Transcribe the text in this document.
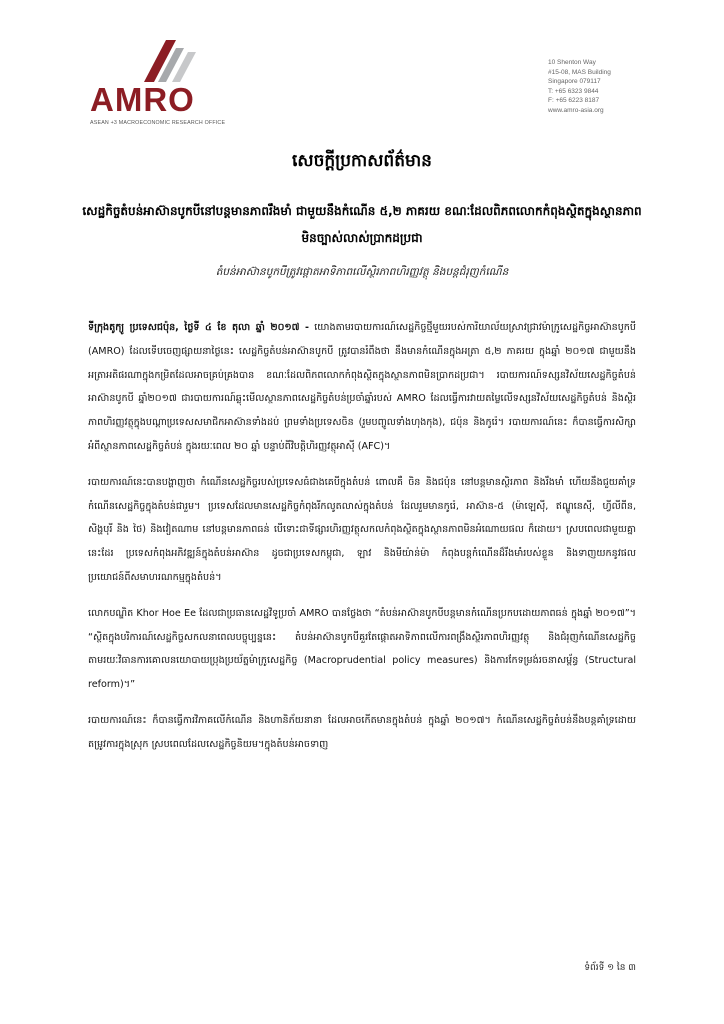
AMRO
ASEAN +3 MACROECONOMIC RESEARCH OFFICE
10 Shenton Way
#15-08, MAS Building
Singapore 079117
T: +65 6323 9844
F: +65 6223 8187
www.amro-asia.org
សេចក្តីប្រកាសព័ត៌មាន
សេដ្ឋកិច្ចតំបន់អាស៊ានបូកបីនៅបន្តមានភាពរឹងមាំ ជាមួយនឹងកំណើន ៥,២ ភាគរយ ខណៈដែលពិភពលោកកំពុងស្ថិតក្នុងស្ថានភាពមិនច្បាស់លាស់ប្រាកដប្រជា
តំបន់អាស៊ានបូកបីត្រូវផ្តោតអាទិភាពលើស្ថិរភាពហិរញ្ញវត្ថុ និងបន្តជំរុញកំណើន

ទីក្រុងតូក្យូ ប្រទេសជប៉ុន, ថ្ងៃទី ៤ ខែ តុលា ឆ្នាំ ២០១៧ - យោងតាមរបាយការណ៍សេដ្ឋកិច្ចថ្មីមួយរបស់ការិយាល័យស្រាវជ្រាវម៉ាក្រូសេដ្ឋកិច្ចអាស៊ានបូកបី (AMRO) ដែលទើបចេញផ្សាយនាថ្ងៃនេះ សេដ្ឋកិច្ចតំបន់អាស៊ានបូកបី ត្រូវបានរំពឹងថា នឹងមានកំណើនក្នុងអត្រា ៥,២ ភាគរយ ក្នុងឆ្នាំ ២០១៧ ជាមួយនឹងអត្រាអតិផរណាក្នុងកម្រិតដែលអាចគ្រប់គ្រងបាន ខណៈដែលពិភពលោកកំពុងស្ថិតក្នុងស្ថានភាពមិនប្រាកដប្រជា។ របាយការណ៍ទស្សនវិស័យសេដ្ឋកិច្ចតំបន់អាស៊ានបូកបី ឆ្នាំ២០១៧ ជារបាយការណ៍ឆ្លុះមើលស្ថានភាពសេដ្ឋកិច្ចតំបន់ប្រចាំឆ្នាំរបស់ AMRO ដែលធ្វើការវាយតម្លៃលើទស្សនវិស័យសេដ្ឋកិច្ចតំបន់ និងស្ថិរភាពហិរញ្ញវត្ថុក្នុងបណ្តាប្រទេសសមាជិកអាស៊ានទាំងដប់ ព្រមទាំងប្រទេសចិន (រួមបញ្ចូលទាំងហុងកុង), ជប៉ុន និងកូរ៉េ។ របាយការណ៍នេះ ក៏បានធ្វើការសិក្សាអំពីស្ថានភាពសេដ្ឋកិច្ចតំបន់ ក្នុងរយៈពេល ២០ ឆ្នាំ បន្ទាប់ពីវិបត្តិហិរញ្ញវត្ថុអាស៊ី (AFC)។

របាយការណ៍នេះបានបង្ហាញថា កំណើនសេដ្ឋកិច្ចរបស់ប្រទេសធំជាងគេបីក្នុងតំបន់ ពោលគឺ ចិន និងជប៉ុន នៅបន្តមានស្ថិរភាព និងរឹងមាំ ហើយនឹងជួយគាំទ្រកំណើនសេដ្ឋកិច្ចក្នុងតំបន់ជារួម។ ប្រទេសដែលមានសេដ្ឋកិច្ចកំពុងរីកលូតលាស់ក្នុងតំបន់ ដែលរួមមានកូរ៉េ, អាស៊ាន-៥ (ម៉ាឡេស៊ី, ឥណ្ឌូនេស៊ី, ហ្វីលីពីន, សិង្ហបុរី និង ថៃ) និងវៀតណាម នៅបន្តមានភាពធន់ បើទោះជាទីផ្សារហិរញ្ញវត្ថុសកលកំពុងស្ថិតក្នុងស្ថានភាពមិនអំណោយផល ក៏ដោយ។ ស្របពេលជាមួយគ្នានេះដែរ ប្រទេសកំពុងអភិវឌ្ឍន៍ក្នុងតំបន់អាស៊ាន ដូចជាប្រទេសកម្ពុជា, ឡាវ និងមីយ៉ាន់ម៉ា កំពុងបន្តកំណើនដ៏រឹងមាំរបស់ខ្លួន និងទាញយកនូវផលប្រយោជន៍ពីសមាហរណកម្មក្នុងតំបន់។

លោកបណ្ឌិត Khor Hoe Ee ដែលជាប្រធានសេដ្ឋវិទូប្រចាំ AMRO បានថ្លែងថា “តំបន់អាស៊ានបូកបីបន្តមានកំណើនប្រកបដោយភាពធន់ ក្នុងឆ្នាំ ២០១៧”។ “ស្ថិតក្នុងបរិការណ៍សេដ្ឋកិច្ចសកលនាពេលបច្ចុប្បន្ននេះ តំបន់អាស៊ានបូកបីគួរតែផ្តោតអាទិភាពលើការពង្រឹងស្ថិរភាពហិរញ្ញវត្ថុ និងជំរុញកំណើនសេដ្ឋកិច្ច តាមរយៈវិធានការគោលនយោបាយប្រុងប្រយ័ត្នម៉ាក្រូសេដ្ឋកិច្ច (Macroprudential policy measures) និងការកែទម្រង់រចនាសម្ព័ន្ធ (Structural reform)។”

របាយការណ៍នេះ ក៏បានធ្វើការវិភាគលើកំណើន និងហានិភ័យនានា ដែលអាចកើតមានក្នុងតំបន់ ក្នុងឆ្នាំ ២០១៧។ កំណើនសេដ្ឋកិច្ចតំបន់នឹងបន្តគាំទ្រដោយតម្រូវការក្នុងស្រុក ស្របពេលដែលសេដ្ឋកិច្ចនិយម។ក្នុងតំបន់អាចទាញ

ទំព័រទី ១ នៃ ៣
